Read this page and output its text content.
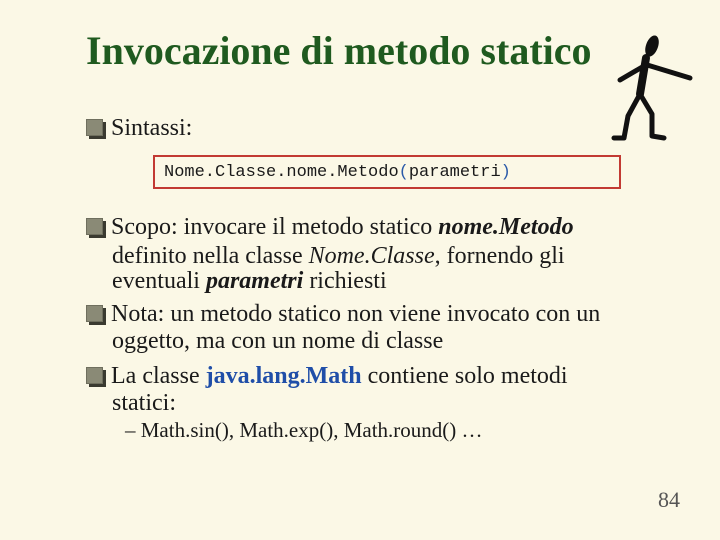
Invocazione di metodo statico
Sintassi:
Nome.Classe.nome.Metodo(parametri)
Scopo: invocare il metodo statico nome.Metodo
definito nella classe Nome.Classe, fornendo gli
eventuali parametri richiesti
Nota: un metodo statico non viene invocato con un
oggetto, ma con un nome di classe
La classe java.lang.Math contiene solo metodi
statici:
– Math.sin(), Math.exp(), Math.round() …
84
